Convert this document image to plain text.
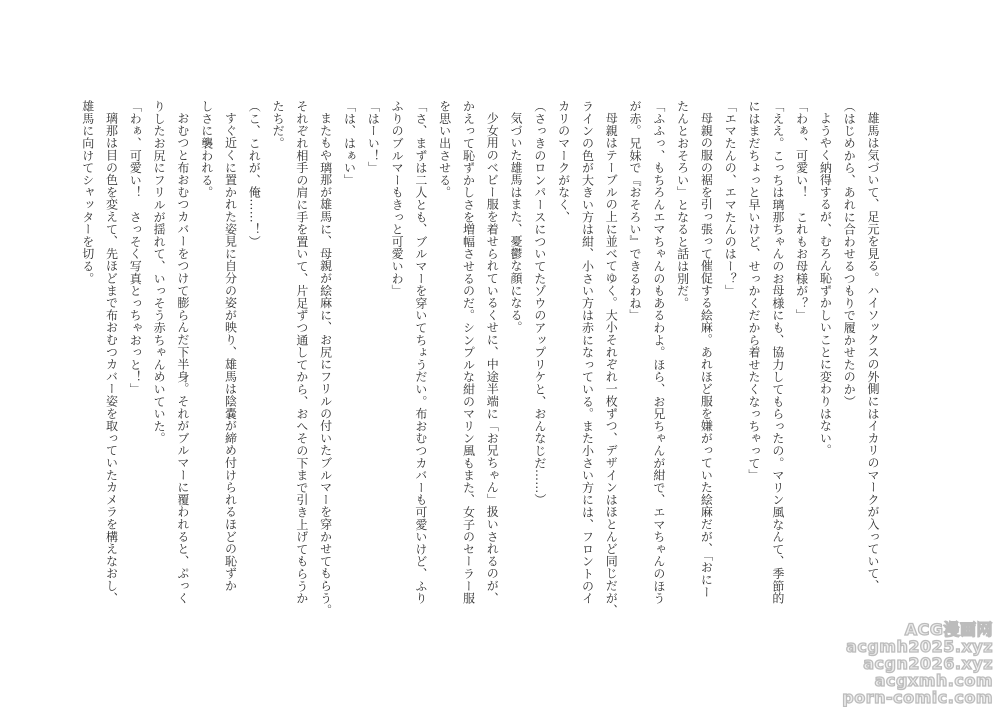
雄馬は気づいて、足元を見る。ハイソックスの外側にはイカリのマークが入っていて、
（はじめから、あれに合わせるつもりで履かせたのか）
ようやく納得するが、むろん恥ずかしいことに変わりはない。
「わぁ、可愛い！　これもお母様が？」
「ええ。こっちは璃那ちゃんのお母様にも、協力してもらったの。マリン風なんて、季節的
にはまだちょっと早いけど、せっかくだから着せたくなっちゃって」
「エマたんの、エマたんのはー？」
母親の服の裾を引っ張って催促する絵麻。あれほど服を嫌がっていた絵麻だが、「おにー
たんとおそろい」となると話は別だ。
「ふふっ、もちろんエマちゃんのもあるわよ。ほら、お兄ちゃんが紺で、エマちゃんのほう
が赤。兄妹で『おそろい』できるわね」
母親はテーブルの上に並べてゆく。大小それぞれ一枚ずつ、デザインはほとんど同じだが、
ラインの色が大きい方は紺、小さい方は赤になっている。また小さい方には、フロントのイ
カリのマークがなく、
（さっきのロンパースについてたゾウのアップリケと、おんなじだ……）
気づいた雄馬はまた、憂鬱な顔になる。
少女用のベビー服を着せられているくせに、中途半端に「お兄ちゃん」扱いされるのが、
かえって恥ずかしさを増幅させるのだ。シンプルな紺のマリン風もまた、女子のセーラー服
を思い出させる。
「さ、まずは二人とも、ブルマーを穿いてちょうだい。布おむつカバーも可愛いけど、ふり
ふりのブルマーもきっと可愛いわ」
「はーい！」
「は、はぁい」
またもや璃那が雄馬に、母親が絵麻に、お尻にフリルの付いたブルマーを穿かせてもらう。
それぞれ相手の肩に手を置いて、片足ずつ通してから、おへその下まで引き上げてもらうか
たちだ。
（こ、これが、俺……！）
すぐ近くに置かれた姿見に自分の姿が映り、雄馬は陰嚢が締め付けられるほどの恥ずか
しさに襲われる。
おむつと布おむつカバーをつけて膨らんだ下半身。それがブルマーに覆われると、ぷっく
りしたお尻にフリルが揺れて、いっそう赤ちゃんめいていた。
「わぁ、可愛い！　さっそく写真とっちゃおっと！」
璃那は目の色を変えて、先ほどまで布おむつカバー姿を取っていたカメラを構えなおし、
雄馬に向けてシャッターを切る。
ACG漫画网
acgmh2025.xyz
acgn2026.xyz
acgxmh.com
porn-comic.com
